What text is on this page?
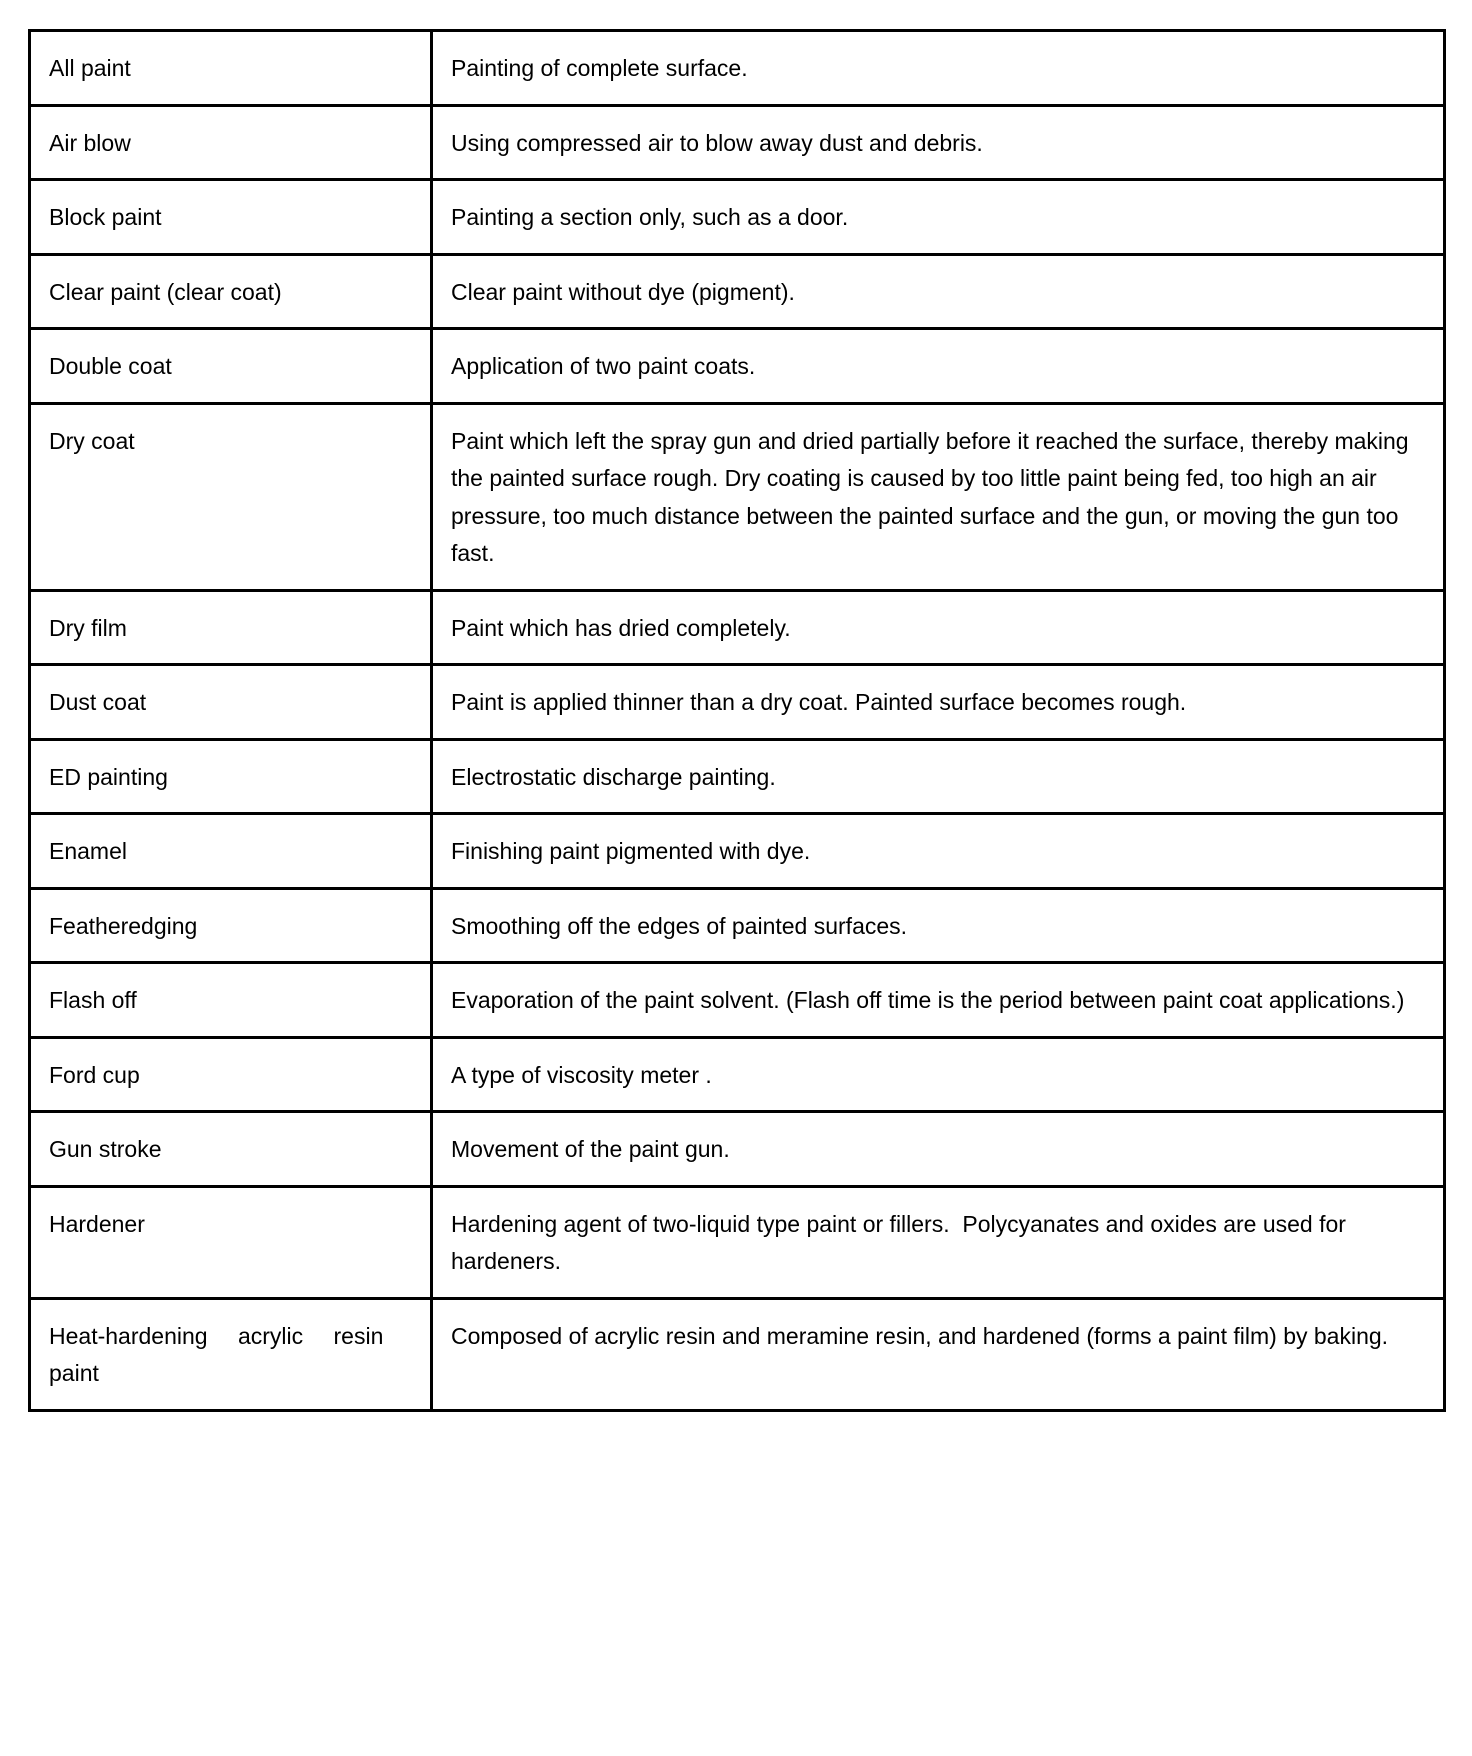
All paint	Painting of complete surface.

Air blow	Using compressed air to blow away dust and debris.

Block paint	Painting a section only, such as a door.

Clear paint (clear coat)	Clear paint without dye (pigment).

Double coat	Application of two paint coats.

Dry coat	Paint which left the spray gun and dried partially before it reached the surface, thereby making the painted surface rough. Dry coating is caused by too little paint being fed, too high an air pressure, too much distance between the painted surface and the gun, or moving the gun too fast.

Dry film	Paint which has dried completely.

Dust coat	Paint is applied thinner than a dry coat. Painted surface becomes rough.

ED painting	Electrostatic discharge painting.

Enamel	Finishing paint pigmented with dye.

Featheredging	Smoothing off the edges of painted surfaces.

Flash off	Evaporation of the paint solvent. (Flash off time is the period between paint coat applications.)

Ford cup	A type of viscosity meter .

Gun stroke	Movement of the paint gun.

Hardener	Hardening agent of two-liquid type paint or fillers.  Polycyanates and oxides are used for hardeners.

Heat-hardening acrylic resin paint	Composed of acrylic resin and meramine resin, and hardened (forms a paint film) by baking.
